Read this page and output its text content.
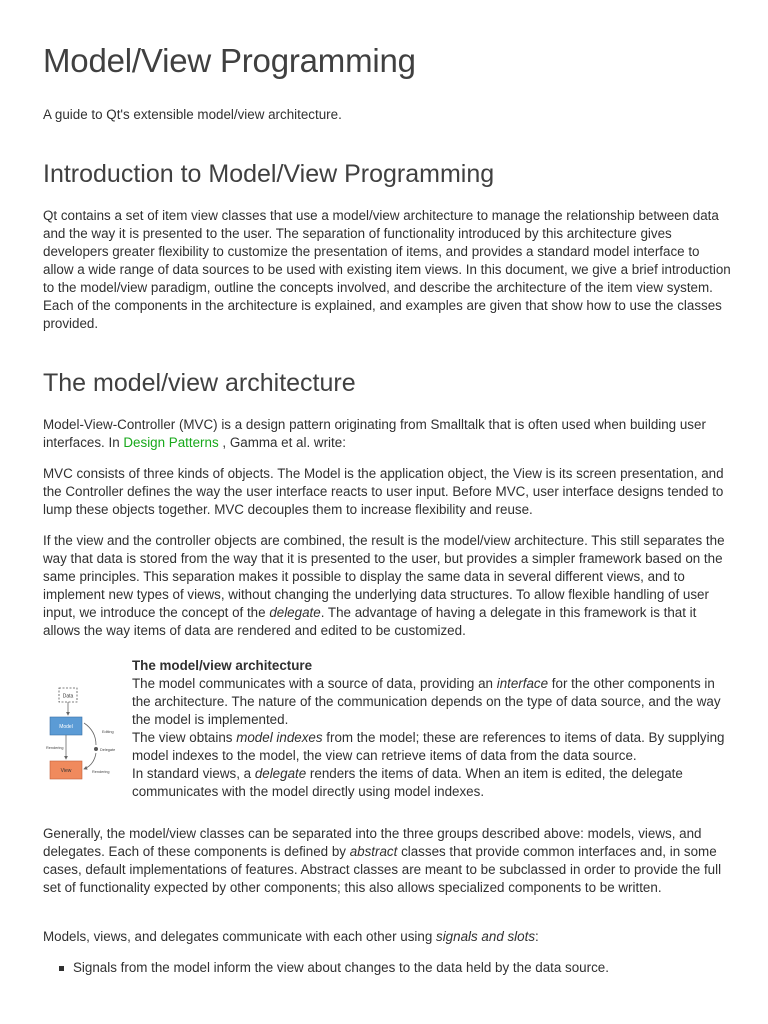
Model/View Programming

A guide to Qt's extensible model/view architecture.

Introduction to Model/View Programming

Qt contains a set of item view classes that use a model/view architecture to manage the relationship between data and the way it is presented to the user. The separation of functionality introduced by this architecture gives developers greater flexibility to customize the presentation of items, and provides a standard model interface to allow a wide range of data sources to be used with existing item views. In this document, we give a brief introduction to the model/view paradigm, outline the concepts involved, and describe the architecture of the item view system. Each of the components in the architecture is explained, and examples are given that show how to use the classes provided.

The model/view architecture

Model-View-Controller (MVC) is a design pattern originating from Smalltalk that is often used when building user interfaces. In Design Patterns , Gamma et al. write:

MVC consists of three kinds of objects. The Model is the application object, the View is its screen presentation, and the Controller defines the way the user interface reacts to user input. Before MVC, user interface designs tended to lump these objects together. MVC decouples them to increase flexibility and reuse.

If the view and the controller objects are combined, the result is the model/view architecture. This still separates the way that data is stored from the way that it is presented to the user, but provides a simpler framework based on the same principles. This separation makes it possible to display the same data in several different views, and to implement new types of views, without changing the underlying data structures. To allow flexible handling of user input, we introduce the concept of the delegate. The advantage of having a delegate in this framework is that it allows the way items of data are rendered and edited to be customized.

Data
Model
Rendering
View
Editing
Delegate
Rendering
The model/view architecture
The model communicates with a source of data, providing an interface for the other components in the architecture. The nature of the communication depends on the type of data source, and the way the model is implemented.
The view obtains model indexes from the model; these are references to items of data. By supplying model indexes to the model, the view can retrieve items of data from the data source.
In standard views, a delegate renders the items of data. When an item is edited, the delegate communicates with the model directly using model indexes.

Generally, the model/view classes can be separated into the three groups described above: models, views, and delegates. Each of these components is defined by abstract classes that provide common interfaces and, in some cases, default implementations of features. Abstract classes are meant to be subclassed in order to provide the full set of functionality expected by other components; this also allows specialized components to be written.

Models, views, and delegates communicate with each other using signals and slots:

Signals from the model inform the view about changes to the data held by the data source.
